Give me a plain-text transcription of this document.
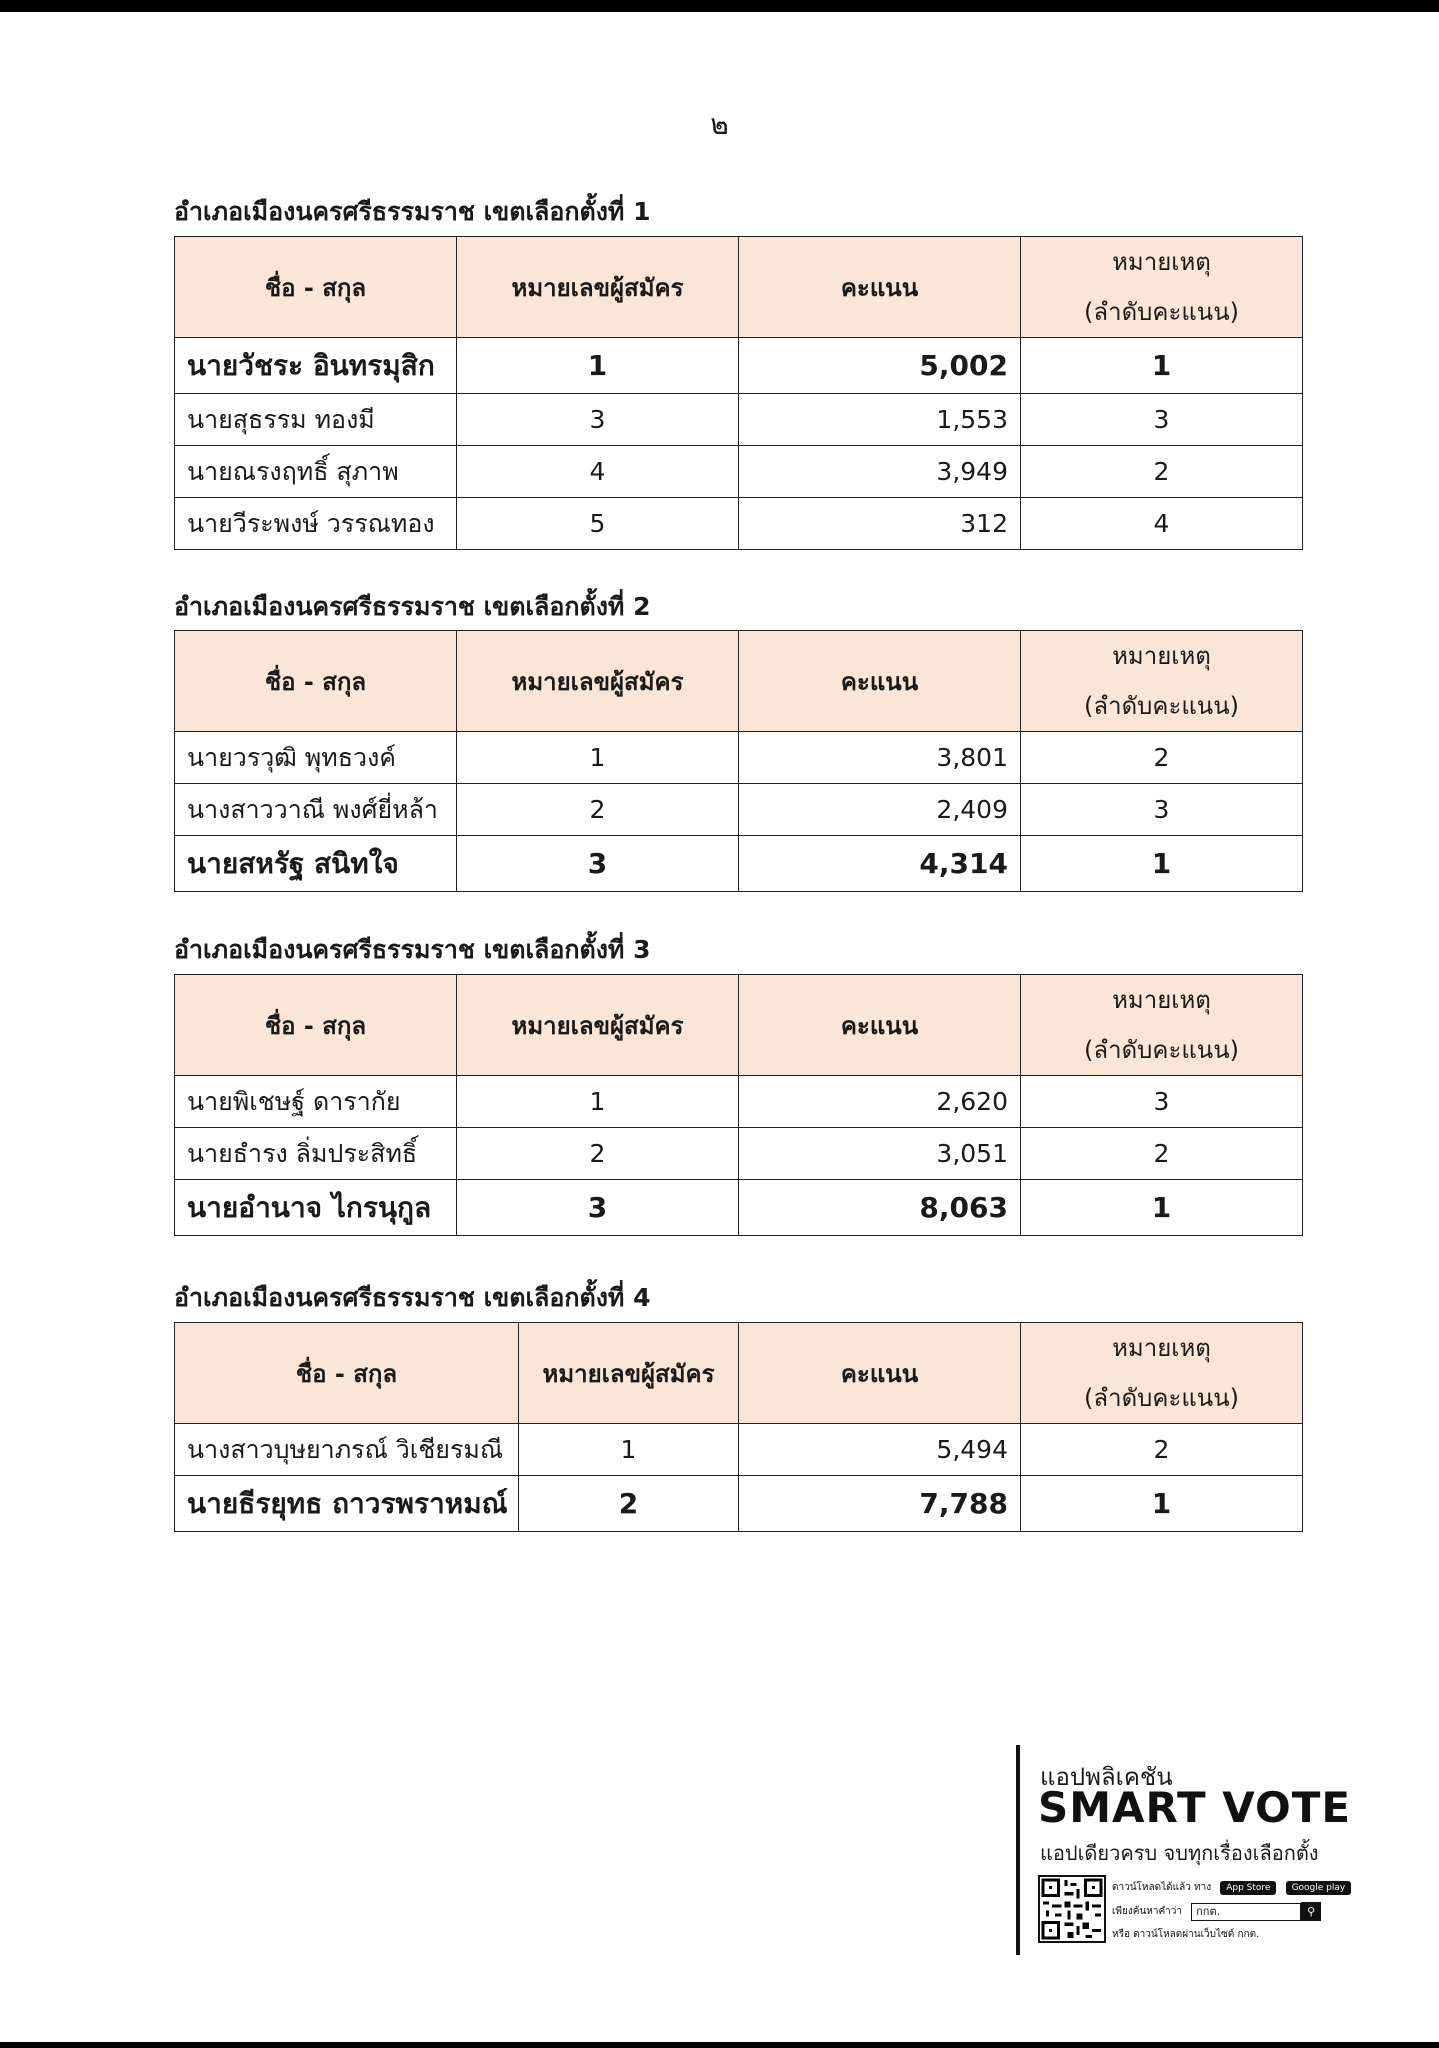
๒
อำเภอเมืองนครศรีธรรมราช เขตเลือกตั้งที่ 1
ชื่อ - สกุล	หมายเลขผู้สมัคร	คะแนน	หมายเหตุ
(ลำดับคะแนน)

นายวัชระ อินทรมุสิก	1	5,002	1
นายสุธรรม ทองมี	3	1,553	3
นายณรงฤทธิ์ สุภาพ	4	3,949	2
นายวีระพงษ์ วรรณทอง	5	312	4
อำเภอเมืองนครศรีธรรมราช เขตเลือกตั้งที่ 2
ชื่อ - สกุล	หมายเลขผู้สมัคร	คะแนน	หมายเหตุ
(ลำดับคะแนน)

นายวรวุฒิ พุทธวงค์	1	3,801	2
นางสาววาณี พงศ์ยี่หล้า	2	2,409	3
นายสหรัฐ สนิทใจ	3	4,314	1
อำเภอเมืองนครศรีธรรมราช เขตเลือกตั้งที่ 3
ชื่อ - สกุล	หมายเลขผู้สมัคร	คะแนน	หมายเหตุ
(ลำดับคะแนน)

นายพิเชษฐ์ ดารากัย	1	2,620	3
นายธำรง ลิ่มประสิทธิ์	2	3,051	2
นายอำนาจ ไกรนุกูล	3	8,063	1
อำเภอเมืองนครศรีธรรมราช เขตเลือกตั้งที่ 4
ชื่อ - สกุล	หมายเลขผู้สมัคร	คะแนน	หมายเหตุ
(ลำดับคะแนน)

นางสาวบุษยาภรณ์ วิเชียรมณี	1	5,494	2
นายธีรยุทธ ถาวรพราหมณ์	2	7,788	1
แอปพลิเคชัน
SMART VOTE
แอปเดียวครบ จบทุกเรื่องเลือกตั้ง
ดาวน์โหลดได้แล้ว ทาง App Store Google play
เพียงค้นหาคำว่า กกต.	⚲
หรือ ดาวน์โหลดผ่านเว็บไซต์ กกต.
